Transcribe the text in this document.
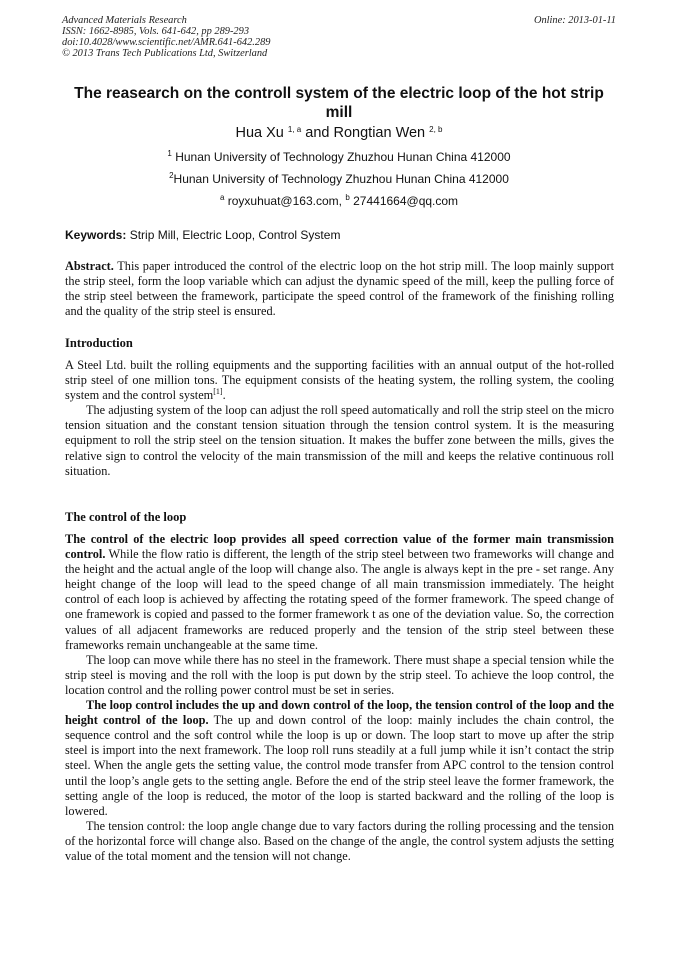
Advanced Materials Research
ISSN: 1662-8985, Vols. 641-642, pp 289-293
doi:10.4028/www.scientific.net/AMR.641-642.289
© 2013 Trans Tech Publications Ltd, Switzerland
Online: 2013-01-11
The reasearch on the controll system of the electric loop of the hot strip mill
Hua Xu $^{1, a}$ and Rongtian Wen $^{2, b}$
$^1$ Hunan University of Technology Zhuzhou Hunan China 412000
$^2$Hunan University of Technology Zhuzhou Hunan China 412000
$^a$ royxuhuat@163.com, $^b$ 27441664@qq.com
Keywords: Strip Mill, Electric Loop, Control System

Abstract. This paper introduced the control of the electric loop on the hot strip mill. The loop mainly support the strip steel, form the loop variable which can adjust the dynamic speed of the mill, keep the pulling force of the strip steel between the framework, participate the speed control of the framework of the finishing rolling and the quality of the strip steel is ensured.

Introduction

A Steel Ltd. built the rolling equipments and the supporting facilities with an annual output of the hot-rolled strip steel of one million tons. The equipment consists of the heating system, the rolling system, the cooling system and the control system[1].

The adjusting system of the loop can adjust the roll speed automatically and roll the strip steel on the micro tension situation and the constant tension situation through the tension control system. It is the measuring equipment to roll the strip steel on the tension situation. It makes the buffer zone between the mills, gives the relative sign to control the velocity of the main transmission of the mill and keeps the relative continuous roll situation.

The control of the loop

The control of the electric loop provides all speed correction value of the former main transmission control. While the flow ratio is different, the length of the strip steel between two frameworks will change and the height and the actual angle of the loop will change also. The angle is always kept in the pre - set range. Any height change of the loop will lead to the speed change of all main transmission immediately. The height control of each loop is achieved by affecting the rotating speed of the former framework. The speed change of one framework is copied and passed to the former framework t as one of the deviation value. So, the correction values of all adjacent frameworks are reduced properly and the tension of the strip steel between these frameworks remain unchangeable at the same time.

The loop can move while there has no steel in the framework. There must shape a special tension while the strip steel is moving and the roll with the loop is put down by the strip steel. To achieve the loop control, the location control and the rolling power control must be set in series.

The loop control includes the up and down control of the loop, the tension control of the loop and the height control of the loop. The up and down control of the loop: mainly includes the chain control, the sequence control and the soft control while the loop is up or down. The loop start to move up after the strip steel is import into the next framework. The loop roll runs steadily at a full jump while it isn’t contact the strip steel. When the angle gets the setting value, the control mode transfer from APC control to the tension control until the loop’s angle gets to the setting angle. Before the end of the strip steel leave the former framework, the setting angle of the loop is reduced, the motor of the loop is started backward and the rolling of the loop is lowered.

The tension control: the loop angle change due to vary factors during the rolling processing and the tension of the horizontal force will change also. Based on the change of the angle, the control system adjusts the setting value of the total moment and the tension will not change.
